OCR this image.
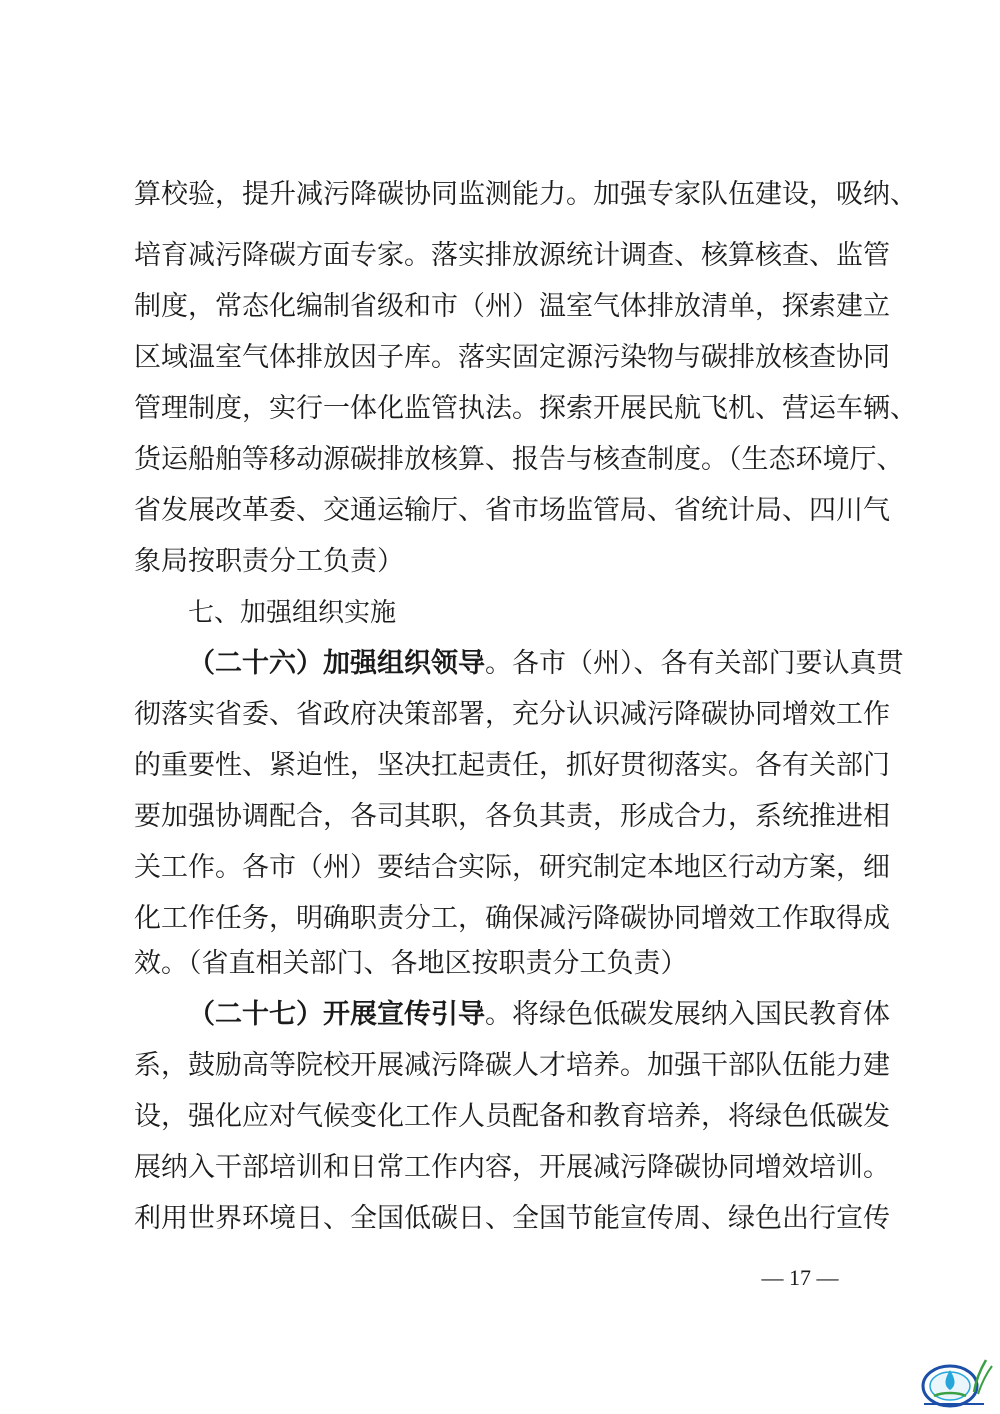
算校验，提升减污降碳协同监测能力。加强专家队伍建设，吸纳、
培育减污降碳方面专家。落实排放源统计调查、核算核查、监管
制度，常态化编制省级和市（州）温室气体排放清单，探索建立
区域温室气体排放因子库。落实固定源污染物与碳排放核查协同
管理制度，实行一体化监管执法。探索开展民航飞机、营运车辆、
货运船舶等移动源碳排放核算、报告与核查制度。（生态环境厅、
省发展改革委、交通运输厅、省市场监管局、省统计局、四川气
象局按职责分工负责）
七、加强组织实施
（二十六）加强组织领导。各市（州）、各有关部门要认真贯
彻落实省委、省政府决策部署，充分认识减污降碳协同增效工作
的重要性、紧迫性，坚决扛起责任，抓好贯彻落实。各有关部门
要加强协调配合，各司其职，各负其责，形成合力，系统推进相
关工作。各市（州）要结合实际，研究制定本地区行动方案，细
化工作任务，明确职责分工，确保减污降碳协同增效工作取得成
效。（省直相关部门、各地区按职责分工负责）
（二十七）开展宣传引导。将绿色低碳发展纳入国民教育体
系，鼓励高等院校开展减污降碳人才培养。加强干部队伍能力建
设，强化应对气候变化工作人员配备和教育培养，将绿色低碳发
展纳入干部培训和日常工作内容，开展减污降碳协同增效培训。
利用世界环境日、全国低碳日、全国节能宣传周、绿色出行宣传
— 17 —
